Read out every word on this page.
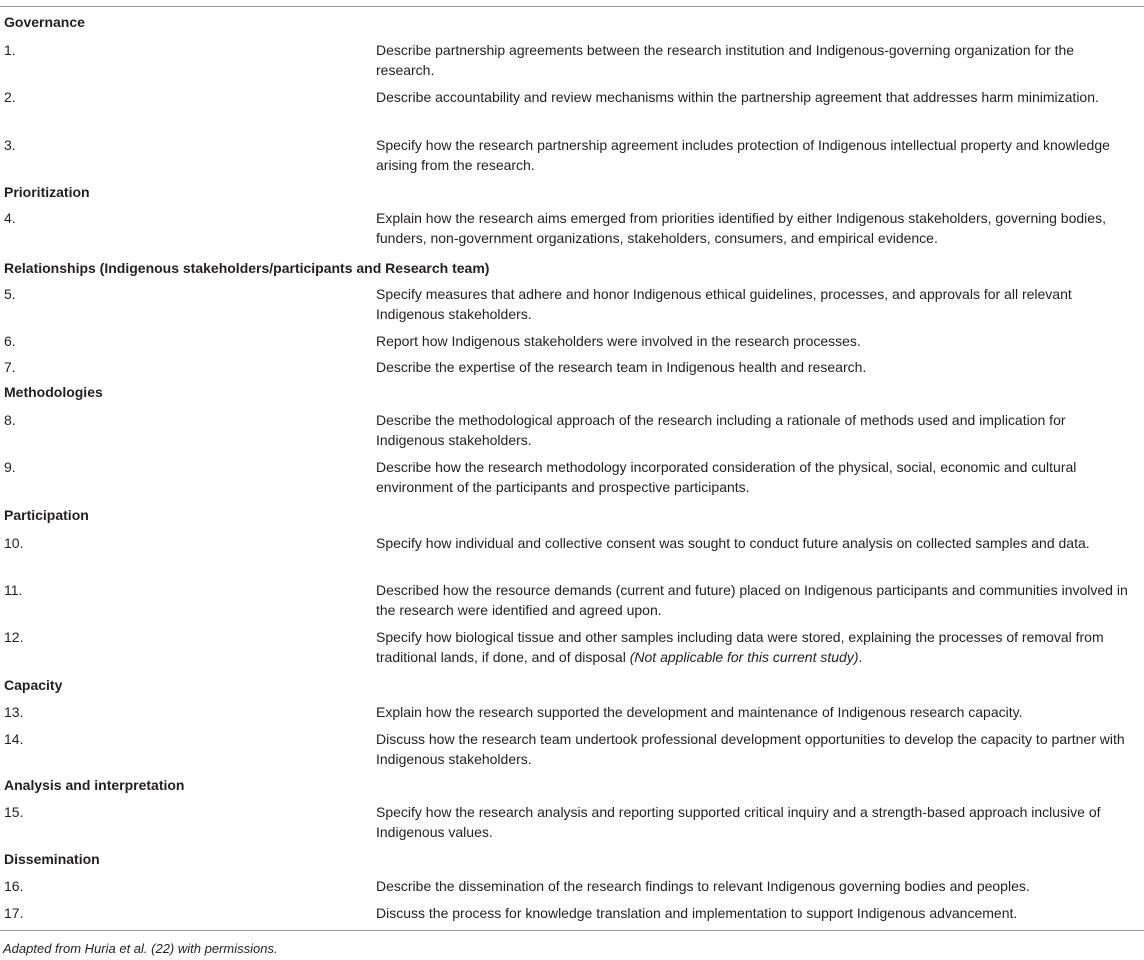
Governance
1.	Describe partnership agreements between the research institution and Indigenous-governing organization for the research.
2.	Describe accountability and review mechanisms within the partnership agreement that addresses harm minimization.
3.	Specify how the research partnership agreement includes protection of Indigenous intellectual property and knowledge arising from the research.
Prioritization
4.	Explain how the research aims emerged from priorities identified by either Indigenous stakeholders, governing bodies, funders, non-government organizations, stakeholders, consumers, and empirical evidence.
Relationships (Indigenous stakeholders/participants and Research team)
5.	Specify measures that adhere and honor Indigenous ethical guidelines, processes, and approvals for all relevant Indigenous stakeholders.
6.	Report how Indigenous stakeholders were involved in the research processes.
7.	Describe the expertise of the research team in Indigenous health and research.
Methodologies
8.	Describe the methodological approach of the research including a rationale of methods used and implication for Indigenous stakeholders.
9.	Describe how the research methodology incorporated consideration of the physical, social, economic and cultural environment of the participants and prospective participants.
Participation
10.	Specify how individual and collective consent was sought to conduct future analysis on collected samples and data.
11.	Described how the resource demands (current and future) placed on Indigenous participants and communities involved in the research were identified and agreed upon.
12.	Specify how biological tissue and other samples including data were stored, explaining the processes of removal from traditional lands, if done, and of disposal (Not applicable for this current study).
Capacity
13.	Explain how the research supported the development and maintenance of Indigenous research capacity.
14.	Discuss how the research team undertook professional development opportunities to develop the capacity to partner with Indigenous stakeholders.
Analysis and interpretation
15.	Specify how the research analysis and reporting supported critical inquiry and a strength-based approach inclusive of Indigenous values.
Dissemination
16.	Describe the dissemination of the research findings to relevant Indigenous governing bodies and peoples.
17.	Discuss the process for knowledge translation and implementation to support Indigenous advancement.
Adapted from Huria et al. (22) with permissions.
